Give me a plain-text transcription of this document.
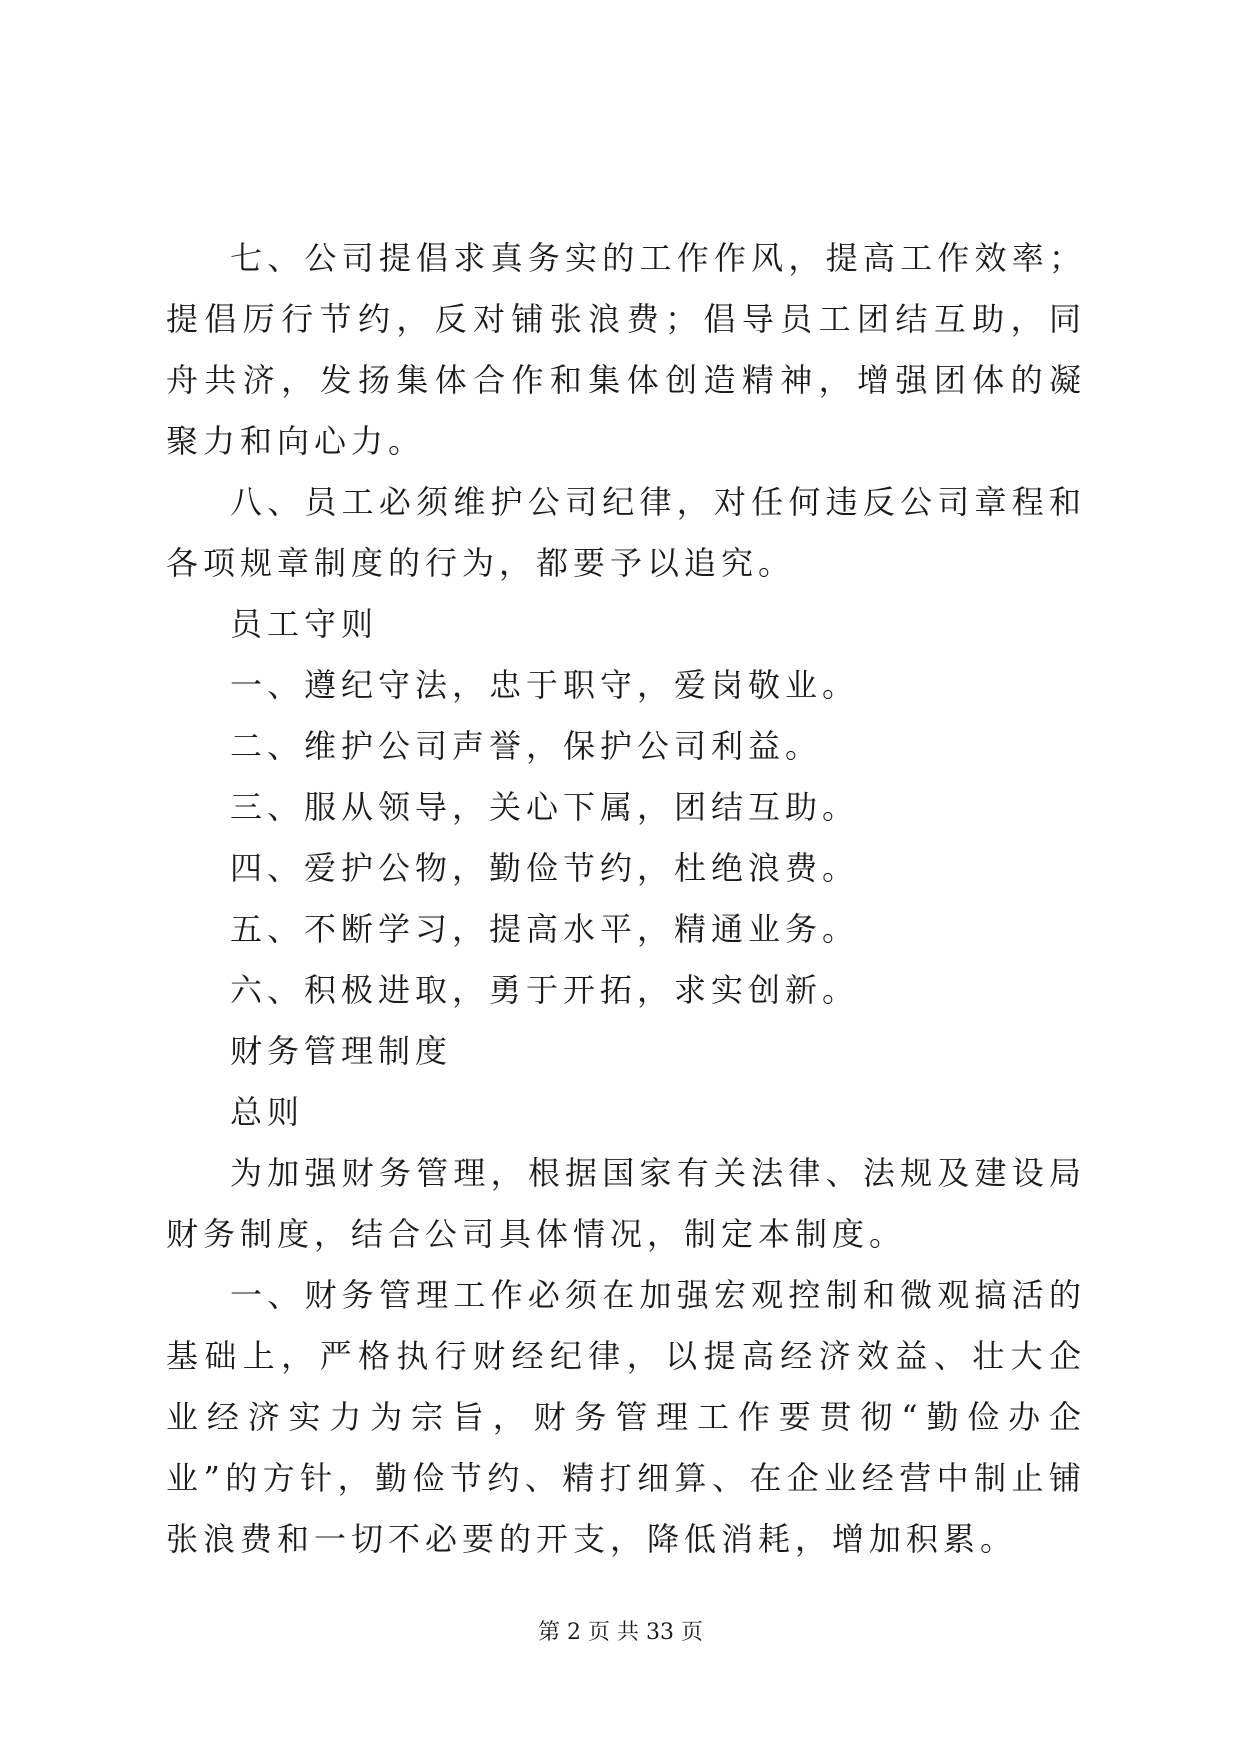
七、公司提倡求真务实的工作作风，提高工作效率；提倡厉行节约，反对铺张浪费；倡导员工团结互助，同舟共济，发扬集体合作和集体创造精神，增强团体的凝聚力和向心力。

八、员工必须维护公司纪律，对任何违反公司章程和各项规章制度的行为，都要予以追究。

员工守则

一、遵纪守法，忠于职守，爱岗敬业。

二、维护公司声誉，保护公司利益。

三、服从领导，关心下属，团结互助。

四、爱护公物，勤俭节约，杜绝浪费。

五、不断学习，提高水平，精通业务。

六、积极进取，勇于开拓，求实创新。

财务管理制度

总则

为加强财务管理，根据国家有关法律、法规及建设局财务制度，结合公司具体情况，制定本制度。

一、财务管理工作必须在加强宏观控制和微观搞活的基础上，严格执行财经纪律，以提高经济效益、壮大企业经济实力为宗旨，财务管理工作要贯彻“勤俭办企业”的方针，勤俭节约、精打细算、在企业经营中制止铺张浪费和一切不必要的开支，降低消耗，增加积累。

第 2 页 共 33 页
